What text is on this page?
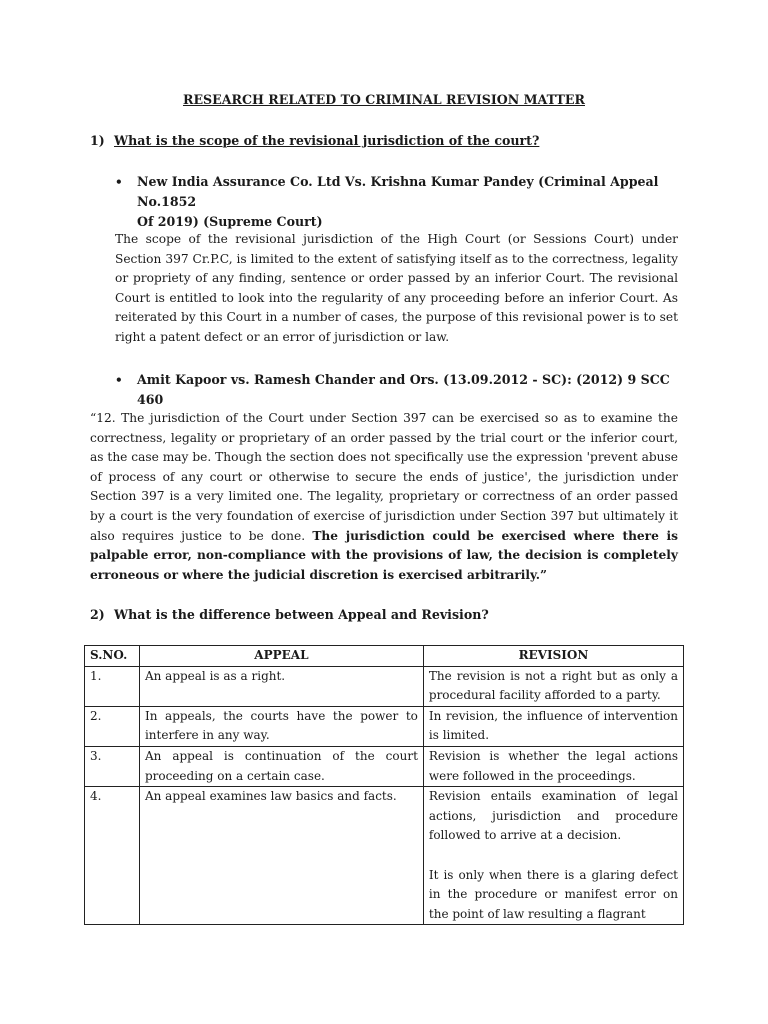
RESEARCH RELATED TO CRIMINAL REVISION MATTER
1) What is the scope of the revisional jurisdiction of the court?
• New India Assurance Co. Ltd Vs. Krishna Kumar Pandey (Criminal Appeal No.1852
Of 2019) (Supreme Court)
The scope of the revisional jurisdiction of the High Court (or Sessions Court) under Section 397 Cr.P.C, is limited to the extent of satisfying itself as to the correctness, legality or propriety of any finding, sentence or order passed by an inferior Court. The revisional Court is entitled to look into the regularity of any proceeding before an inferior Court. As reiterated by this Court in a number of cases, the purpose of this revisional power is to set right a patent defect or an error of jurisdiction or law.
• Amit Kapoor vs. Ramesh Chander and Ors. (13.09.2012 - SC): (2012) 9 SCC 460
“12. The jurisdiction of the Court under Section 397 can be exercised so as to examine the correctness, legality or proprietary of an order passed by the trial court or the inferior court, as the case may be. Though the section does not specifically use the expression 'prevent abuse of process of any court or otherwise to secure the ends of justice', the jurisdiction under Section 397 is a very limited one. The legality, proprietary or correctness of an order passed by a court is the very foundation of exercise of jurisdiction under Section 397 but ultimately it also requires justice to be done. The jurisdiction could be exercised where there is palpable error, non-compliance with the provisions of law, the decision is completely erroneous or where the judicial discretion is exercised arbitrarily.”
2) What is the difference between Appeal and Revision?
S.NO.	APPEAL	REVISION
1.	An appeal is as a right.	The revision is not a right but as only a procedural facility afforded to a party.
2.	In appeals, the courts have the power to interfere in any way.	In revision, the influence of intervention is limited.
3.	An appeal is continuation of the court proceeding on a certain case.	Revision is whether the legal actions were followed in the proceedings.
4.	An appeal examines law basics and facts.	Revision entails examination of legal actions, jurisdiction and procedure followed to arrive at a decision.
It is only when there is a glaring defect in the procedure or manifest error on the point of law resulting a flagrant
